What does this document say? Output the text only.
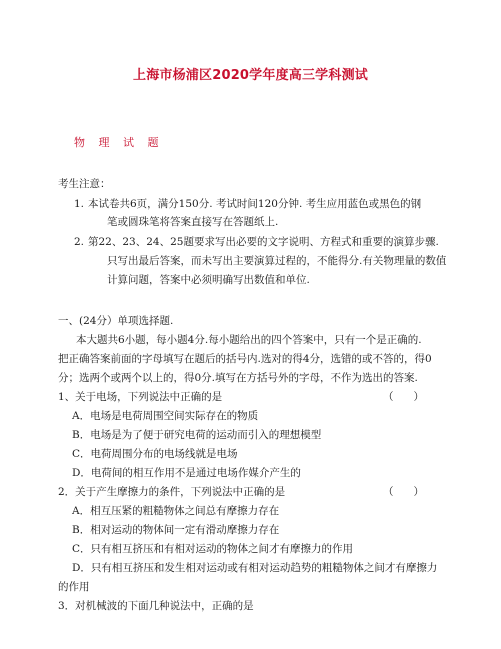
上海市杨浦区2020学年度高三学科测试
物 理 试 题
考生注意：
1. 本试卷共6页，满分150分. 考试时间120分钟. 考生应用蓝色或黑色的钢
笔或圆珠笔将答案直接写在答题纸上.
2. 第22、23、24、25题要求写出必要的文字说明、方程式和重要的演算步骤.
只写出最后答案，而未写出主要演算过程的，不能得分.有关物理量的数值
计算问题，答案中必须明确写出数值和单位.
一、(24分）单项选择题.
本大题共6小题，每小题4分.每小题给出的四个答案中，只有一个是正确的.
把正确答案前面的字母填写在题后的括号内.选对的得4分，选错的或不答的，得0
分；选两个或两个以上的，得0分.填写在方括号外的字母，不作为选出的答案.
1、关于电场，下列说法中正确的是	（      ）
A．电场是电荷周围空间实际存在的物质
B．电场是为了便于研究电荷的运动而引入的理想模型
C．电荷周围分布的电场线就是电场
D．电荷间的相互作用不是通过电场作媒介产生的
2．关于产生摩擦力的条件，下列说法中正确的是	（      ）
A．相互压紧的粗糙物体之间总有摩擦力存在
B．相对运动的物体间一定有滑动摩擦力存在
C．只有相互挤压和有相对运动的物体之间才有摩擦力的作用
D．只有相互挤压和发生相对运动或有相对运动趋势的粗糙物体之间才有摩擦力
的作用
3．对机械波的下面几种说法中，正确的是
